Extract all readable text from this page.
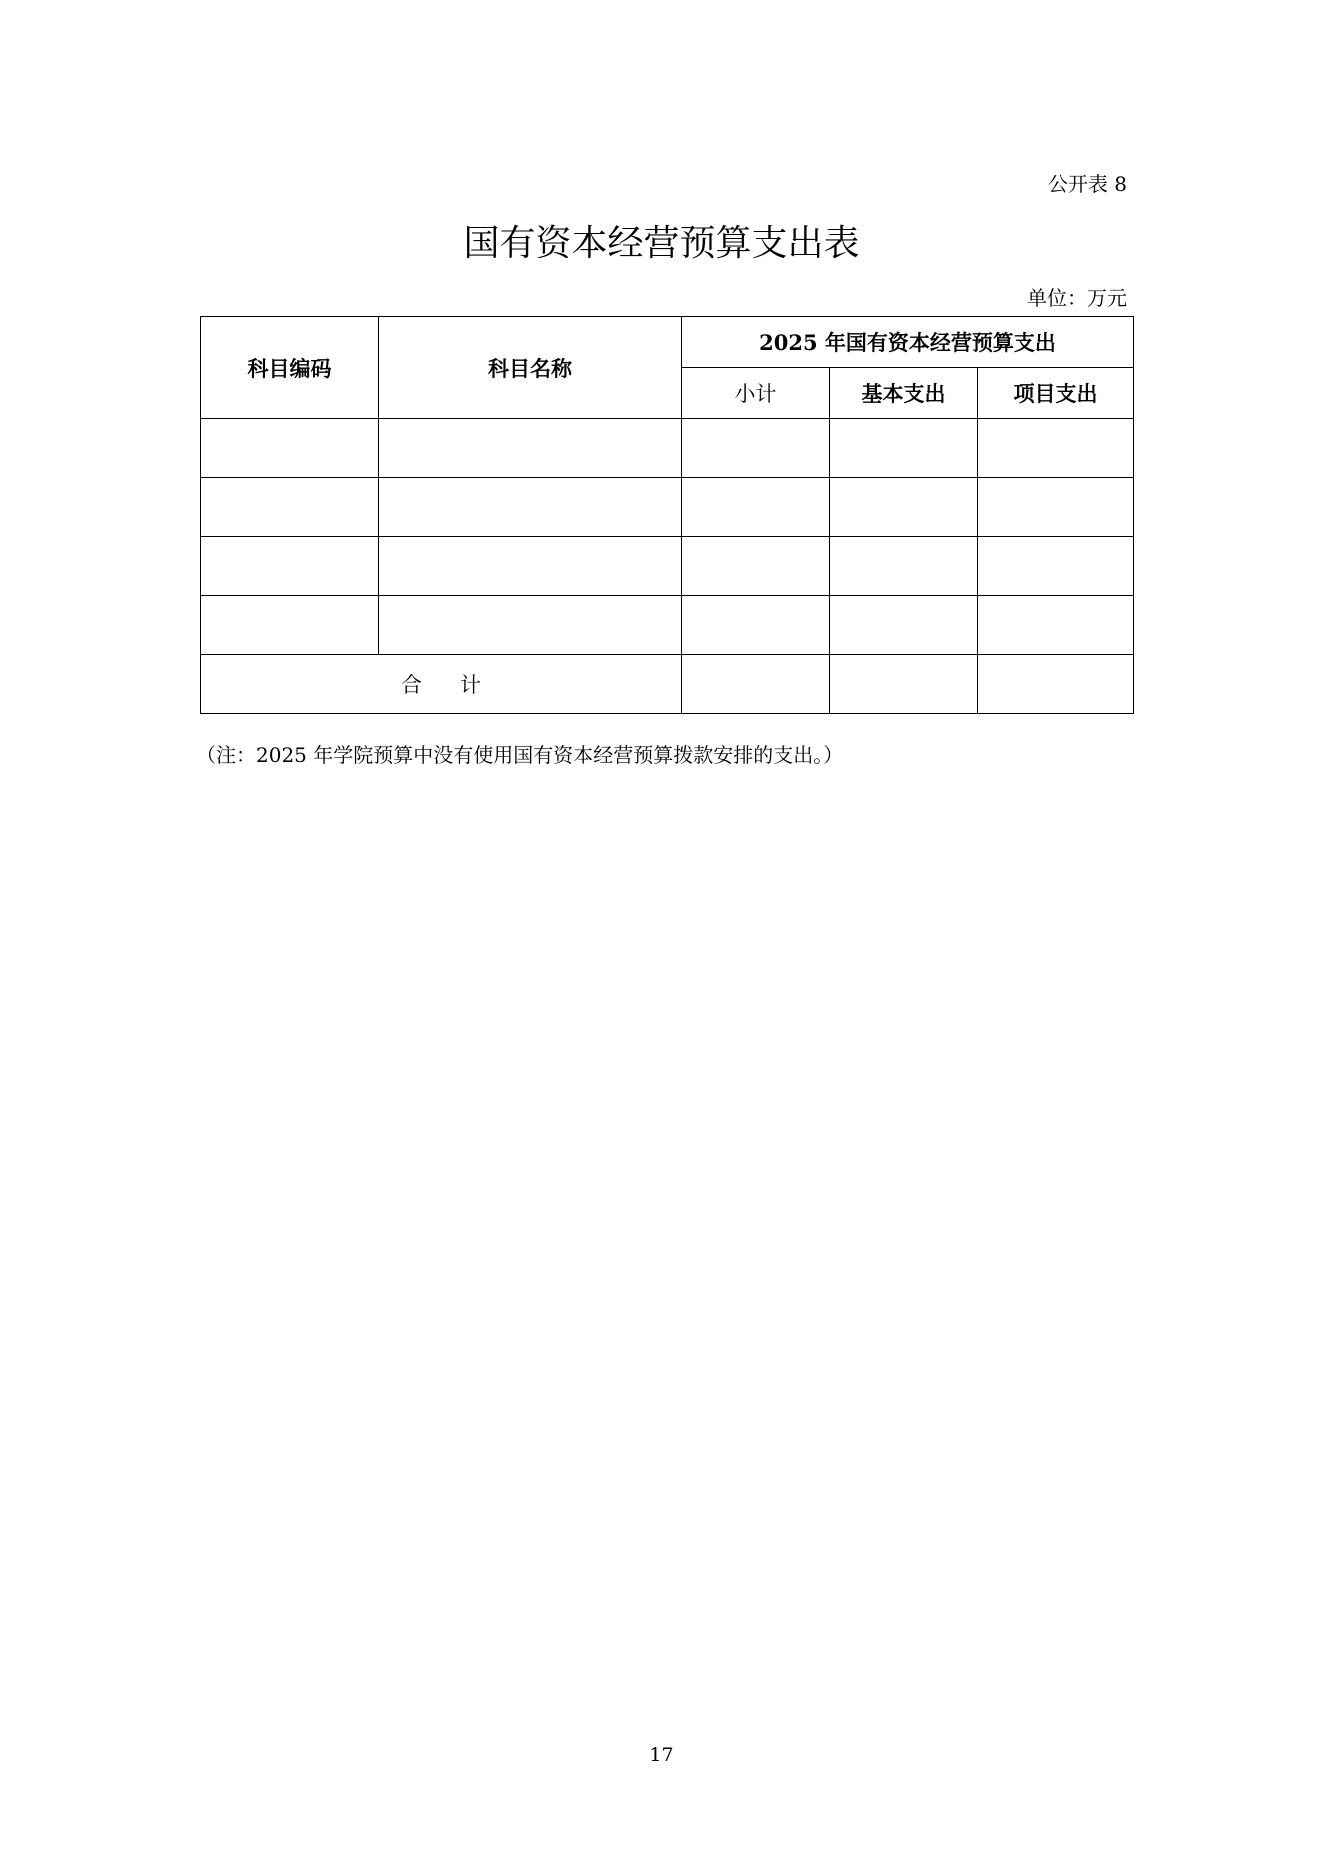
公开表 8
国有资本经营预算支出表
单位：万元
科目编码	科目名称	2025 年国有资本经营预算支出		
		小计	基本支出	项目支出

合 计				
（注：2025 年学院预算中没有使用国有资本经营预算拨款安排的支出。）
17
